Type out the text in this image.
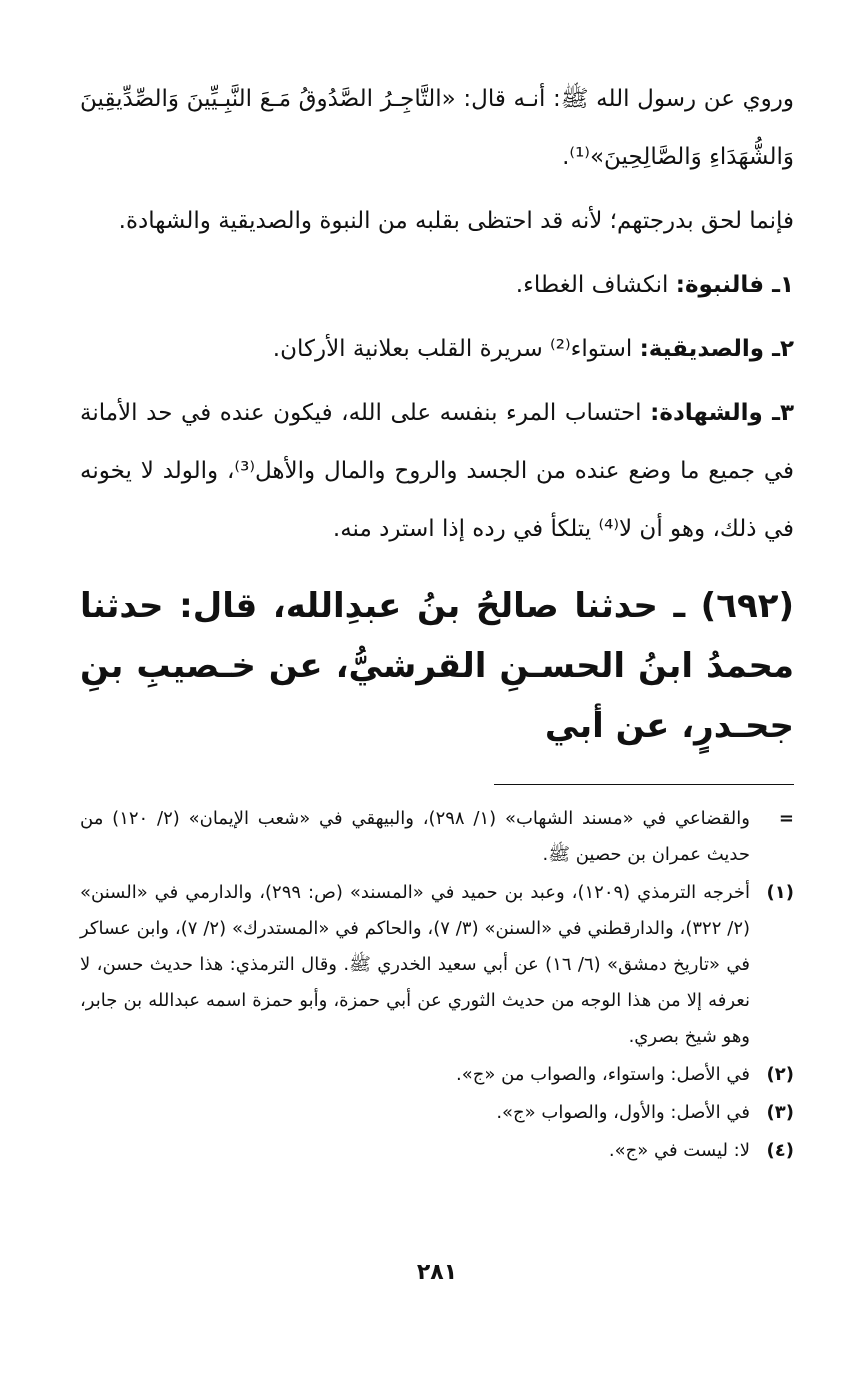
وروي عن رسول الله ﷺ: أنـه قال: «التَّاجِـرُ الصَّدُوقُ مَـعَ النَّبِـيِّينَ وَالصِّدِّيقِينَ وَالشُّهَدَاءِ وَالصَّالِحِينَ»⁽¹⁾.

فإنما لحق بدرجتهم؛ لأنه قد احتظى بقلبه من النبوة والصديقية والشهادة.

١ـ فالنبوة: انكشاف الغطاء.

٢ـ والصديقية: استواء⁽²⁾ سريرة القلب بعلانية الأركان.

٣ـ والشهادة: احتساب المرء بنفسه على الله، فيكون عنده في حد الأمانة في جميع ما وضع عنده من الجسد والروح والمال والأهل⁽³⁾، والولد لا يخونه في ذلك، وهو أن لا⁽⁴⁾ يتلكأ في رده إذا استرد منه.

(٦٩٢) ـ حدثنا صالحُ بنُ عبدِالله، قال: حدثنا محمدُ ابنُ الحسـنِ القرشيُّ، عن خـصيبِ بنِ جحـدرٍ، عن أبي
=
والقضاعي في «مسند الشهاب» (١/ ٢٩٨)، والبيهقي في «شعب الإيمان» (٢/ ١٢٠) من حديث عمران بن حصين ﷺ.
(١)
أخرجه الترمذي (١٢٠٩)، وعبد بن حميد في «المسند» (ص: ٢٩٩)، والدارمي في «السنن» (٢/ ٣٢٢)، والدارقطني في «السنن» (٣/ ٧)، والحاكم في «المستدرك» (٢/ ٧)، وابن عساكر في «تاريخ دمشق» (٦/ ١٦) عن أبي سعيد الخدري ﷺ. وقال الترمذي: هذا حديث حسن، لا نعرفه إلا من هذا الوجه من حديث الثوري عن أبي حمزة، وأبو حمزة اسمه عبدالله بن جابر، وهو شيخ بصري.
(٢)
في الأصل: واستواء، والصواب من «ج».
(٣)
في الأصل: والأول، والصواب «ج».
(٤)
لا: ليست في «ج».
٢٨١
